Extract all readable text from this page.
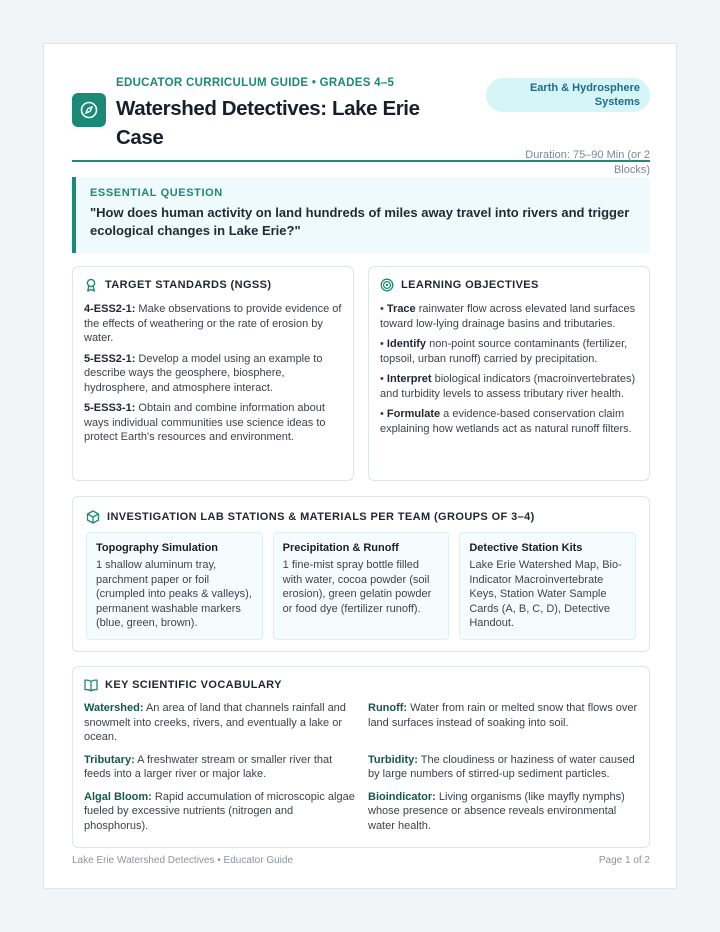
EDUCATOR CURRICULUM GUIDE • GRADES 4–5
Watershed Detectives: Lake Erie Case
Earth & Hydrosphere Systems
Duration: 75–90 Min (or 2 Blocks)
ESSENTIAL QUESTION
"How does human activity on land hundreds of miles away travel into rivers and trigger ecological changes in Lake Erie?"
TARGET STANDARDS (NGSS)
4-ESS2-1: Make observations to provide evidence of the effects of weathering or the rate of erosion by water.
5-ESS2-1: Develop a model using an example to describe ways the geosphere, biosphere, hydrosphere, and atmosphere interact.
5-ESS3-1: Obtain and combine information about ways individual communities use science ideas to protect Earth's resources and environment.
LEARNING OBJECTIVES
• Trace rainwater flow across elevated land surfaces toward low-lying drainage basins and tributaries.
• Identify non-point source contaminants (fertilizer, topsoil, urban runoff) carried by precipitation.
• Interpret biological indicators (macroinvertebrates) and turbidity levels to assess tributary river health.
• Formulate a evidence-based conservation claim explaining how wetlands act as natural runoff filters.
INVESTIGATION LAB STATIONS & MATERIALS PER TEAM (GROUPS OF 3–4)
Topography Simulation
1 shallow aluminum tray, parchment paper or foil (crumpled into peaks & valleys), permanent washable markers (blue, green, brown).
Precipitation & Runoff
1 fine-mist spray bottle filled with water, cocoa powder (soil erosion), green gelatin powder or food dye (fertilizer runoff).
Detective Station Kits
Lake Erie Watershed Map, Bio-Indicator Macroinvertebrate Keys, Station Water Sample Cards (A, B, C, D), Detective Handout.
KEY SCIENTIFIC VOCABULARY
Watershed: An area of land that channels rainfall and snowmelt into creeks, rivers, and eventually a lake or ocean.
Runoff: Water from rain or melted snow that flows over land surfaces instead of soaking into soil.
Tributary: A freshwater stream or smaller river that feeds into a larger river or major lake.
Turbidity: The cloudiness or haziness of water caused by large numbers of stirred-up sediment particles.
Algal Bloom: Rapid accumulation of microscopic algae fueled by excessive nutrients (nitrogen and phosphorus).
Bioindicator: Living organisms (like mayfly nymphs) whose presence or absence reveals environmental water health.
Lake Erie Watershed Detectives • Educator Guide	Page 1 of 2
